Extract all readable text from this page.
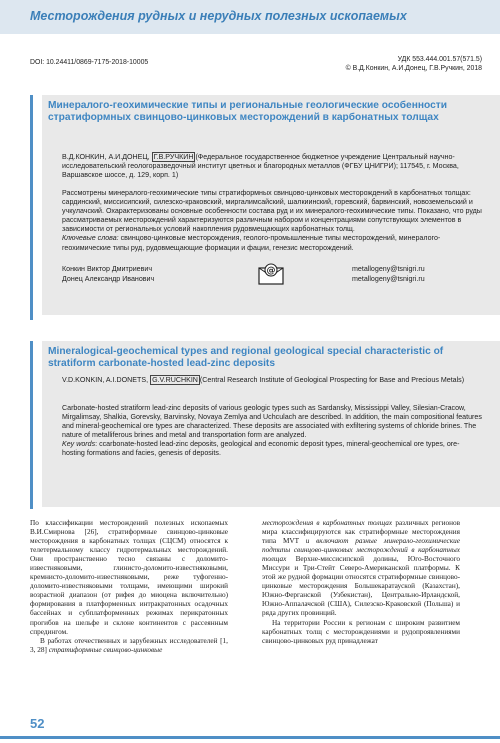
Месторождения рудных и нерудных полезных ископаемых
DOI: 10.24411/0869-7175-2018-10005	УДК 553.444.001.57(571.5)
© В.Д.Конкин, А.И.Донец, Г.В.Ручкин, 2018
Минералого-геохимические типы и региональные геологические особенности стратиформных свинцово-цинковых месторождений в карбонатных толщах
В.Д.КОНКИН, А.И.ДОНЕЦ, Г.В.РУЧКИН (Федеральное государственное бюджетное учреждение Центральный научно-исследовательский геологоразведочный институт цветных и благородных металлов (ФГБУ ЦНИГРИ); 117545, г. Москва, Варшавское шоссе, д. 129, корп. 1)
Рассмотрены минералого-геохимические типы стратиформных свинцово-цинковых месторождений в карбонатных толщах: сардинский, миссисипский, силезско-краковский, миргалимсайский, шалкиинский, горевский, барвинский, новоземельский и учкулачский. Охарактеризованы основные особенности состава руд и их минералого-геохимические типы. Показано, что руды рассматриваемых месторождений характеризуются различным набором и концентрациями сопутствующих элементов в зависимости от региональных условий накопления рудовмещающих карбонатных толщ.
Ключевые слова: свинцово-цинковые месторождения, геолого-промышленные типы месторождений, минералого-геохимические типы руд, рудовмещающие формации и фации, генезис месторождений.
Конкин Виктор Дмитриевич
Донец Александр Иванович
@	metallogeny@tsnigri.ru
metallogeny@tsnigri.ru
Mineralogical-geochemical types and regional geological special characteristic of stratiform carbonate-hosted lead-zinc deposits
V.D.KONKIN, A.I.DONETS, G.V.RUCHKIN (Central Research Institute of Geological Prospecting for Base and Precious Metals)
Carbonate-hosted stratiform lead-zinc deposits of various geologic types such as Sardansky, Mississippi Valley, Silesian-Cracow, Mirgalimsay, Shalkia, Gorevsky, Barvinsky, Novaya Zemlya and Uchculach are described. In addition, the main compositional features and mineral-geochemical ore types are characterized. These deposits are associated with exfiltering systems of chloride brines. The nature of metalliferous brines and metal and transportation form are analyzed.
Key words: ccarbonate-hosted lead-zinc deposits, geological and economic deposit types, mineral-geochemical ore types, ore-hosting formations and facies, genesis of deposits.

По классификации месторождений полезных ископаемых В.И.Смирнова [26], стратиформные свинцово-цинковые месторождения в карбонатных толщах (СЦСМ) относятся к телетермальному классу гидротермальных месторождений. Они пространственно тесно связаны с доломито-известняковыми, глинисто-доломито-известняковыми, кремнисто-доломито-известняковыми, реже туфогенно-доломито-известняковыми толщами, имеющими широкий возрастной диапазон (от рифея до миоцена включительно) формирования в платформенных интракратонных осадочных бассейнах и субплатформенных режимах перикратонных прогибов на шельфе и склоне континентов с рассеянным спредингом.

В работах отечественных и зарубежных исследователей [1, 3, 28] стратиформные свинцово-цинковые

месторождения в карбонатных толщах различных регионов мира классифицируются как стратиформные месторождения типа MVT и включают разные минерало-геохимические подтипы свинцово-цинковых месторождений в карбонатных толщах Верхне-миссисипской долины, Юго-Восточного Миссури и Три-Стейт Северо-Американской платформы. К этой же рудной формации относятся стратиформные свинцово-цинковые месторождения Большекаратауской (Казахстан), Южно-Ферганской (Узбекистан), Центрально-Ирландской, Южно-Аппалачской (США), Силезско-Краковской (Польша) и ряда других провинций.

На территории России к регионам с широким развитием карбонатных толщ с месторождениями и рудопроявлениями свинцово-цинковых руд принадлежат

52
